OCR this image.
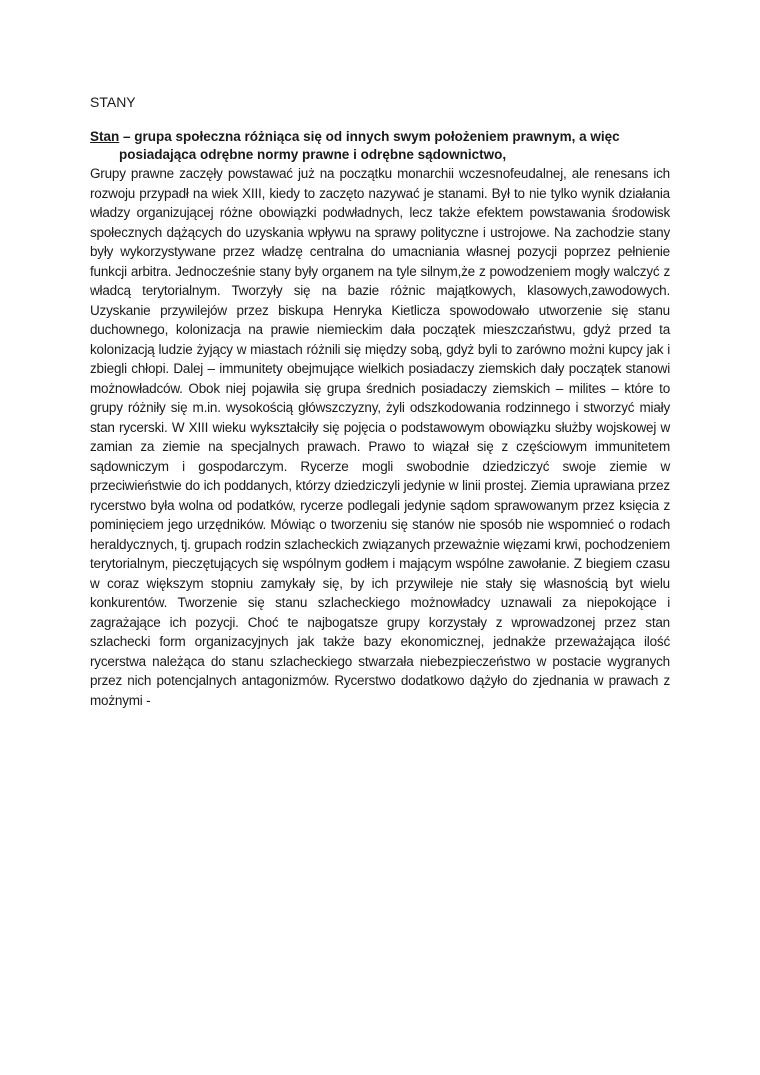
STANY

Stan – grupa społeczna różniąca się od innych swym położeniem prawnym, a więc posiadająca odrębne normy prawne i odrębne sądownictwo,

Grupy prawne zaczęły powstawać już na początku monarchii wczesnofeudalnej, ale renesans ich rozwoju przypadł na wiek XIII, kiedy to zaczęto nazywać je stanami. Był to nie tylko wynik działania władzy organizującej różne obowiązki podwładnych, lecz także efektem powstawania środowisk społecznych dążących do uzyskania wpływu na sprawy polityczne i ustrojowe. Na zachodzie stany były wykorzystywane przez władzę centralna do umacniania własnej pozycji poprzez pełnienie funkcji arbitra. Jednocześnie stany były organem na tyle silnym,że z powodzeniem mogły walczyć z władcą terytorialnym. Tworzyły się na bazie różnic majątkowych, klasowych,zawodowych. Uzyskanie przywilejów przez biskupa Henryka Kietlicza spowodowało utworzenie się stanu duchownego, kolonizacja na prawie niemieckim dała początek mieszczaństwu, gdyż przed ta kolonizacją ludzie żyjący w miastach różnili się między sobą, gdyż byli to zarówno możni kupcy jak i zbiegli chłopi. Dalej – immunitety obejmujące wielkich posiadaczy ziemskich dały początek stanowi możnowładców. Obok niej pojawiła się grupa średnich posiadaczy ziemskich – milites – które to grupy różniły się m.in. wysokością główszczyzny, żyli odszkodowania rodzinnego i stworzyć miały stan rycerski. W XIII wieku wykształciły się pojęcia o podstawowym obowiązku służby wojskowej w zamian za ziemie na specjalnych prawach. Prawo to wiązał się z częściowym immunitetem sądowniczym i gospodarczym. Rycerze mogli swobodnie dziedziczyć swoje ziemie w przeciwieństwie do ich poddanych, którzy dziedziczyli jedynie w linii prostej. Ziemia uprawiana przez rycerstwo była wolna od podatków, rycerze podlegali jedynie sądom sprawowanym przez księcia z pominięciem jego urzędników. Mówiąc o tworzeniu się stanów nie sposób nie wspomnieć o rodach heraldycznych, tj. grupach rodzin szlacheckich związanych przeważnie więzami krwi, pochodzeniem terytorialnym, pieczętujących się wspólnym godłem i mającym wspólne zawołanie. Z biegiem czasu w coraz większym stopniu zamykały się, by ich przywileje nie stały się własnością byt wielu konkurentów. Tworzenie się stanu szlacheckiego możnowładcy uznawali za niepokojące i zagrażające ich pozycji. Choć te najbogatsze grupy korzystały z wprowadzonej przez stan szlachecki form organizacyjnych jak także bazy ekonomicznej, jednakże przeważająca ilość rycerstwa należąca do stanu szlacheckiego stwarzała niebezpieczeństwo w postacie wygranych przez nich potencjalnych antagonizmów. Rycerstwo dodatkowo dążyło do zjednania w prawach z możnymi -
